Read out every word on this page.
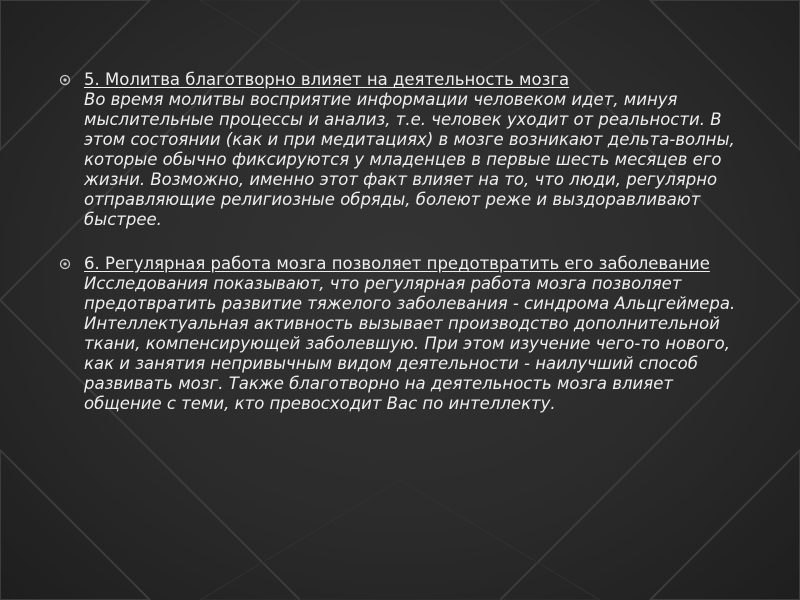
5. Молитва благотворно влияет на деятельность мозга
Во время молитвы восприятие информации человеком идет, минуя мыслительные процессы и анализ, т.е. человек уходит от реальности. В этом состоянии (как и при медитациях) в мозге возникают дельта-волны, которые обычно фиксируются у младенцев в первые шесть месяцев его жизни. Возможно, именно этот факт влияет на то, что люди, регулярно отправляющие религиозные обряды, болеют реже и выздоравливают быстрее.
6. Регулярная работа мозга позволяет предотвратить его заболевание
Исследования показывают, что регулярная работа мозга позволяет предотвратить развитие тяжелого заболевания - синдрома Альцгеймера. Интеллектуальная активность вызывает производство дополнительной ткани, компенсирующей заболевшую. При этом изучение чего-то нового, как и занятия непривычным видом деятельности - наилучший способ развивать мозг. Также благотворно на деятельность мозга влияет общение с теми, кто превосходит Вас по интеллекту.
